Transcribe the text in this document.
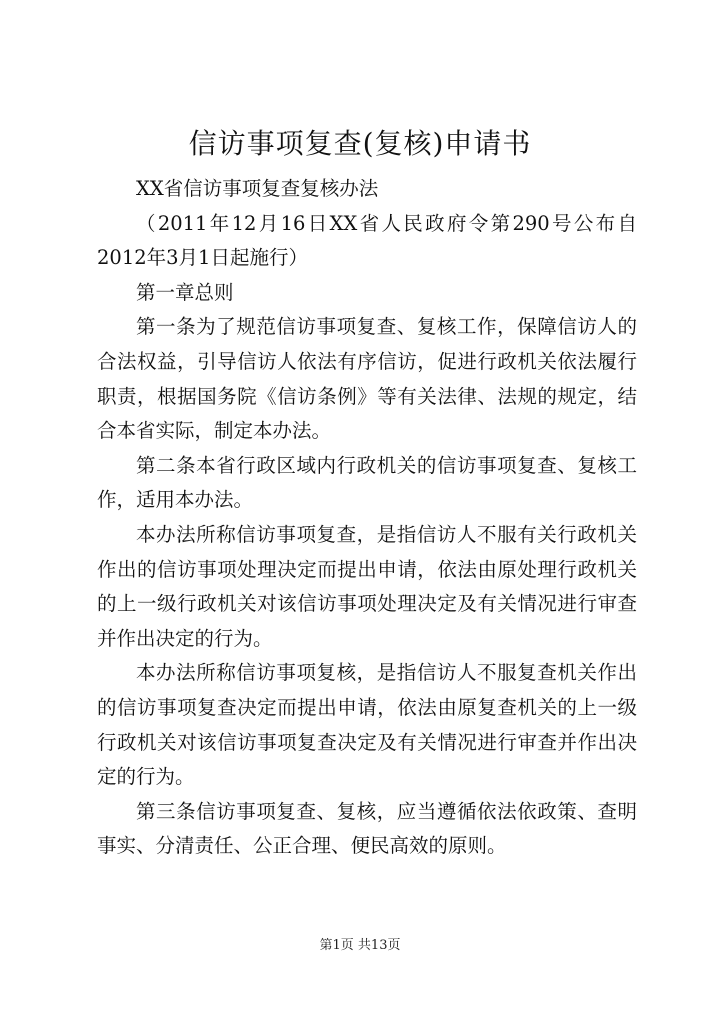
信访事项复查(复核)申请书

XX省信访事项复查复核办法

（2011年12月16日XX省人民政府令第290号公布自2012年3月1日起施行）

第一章总则

第一条为了规范信访事项复查、复核工作，保障信访人的合法权益，引导信访人依法有序信访，促进行政机关依法履行职责，根据国务院《信访条例》等有关法律、法规的规定，结合本省实际，制定本办法。

第二条本省行政区域内行政机关的信访事项复查、复核工作，适用本办法。

本办法所称信访事项复查，是指信访人不服有关行政机关作出的信访事项处理决定而提出申请，依法由原处理行政机关的上一级行政机关对该信访事项处理决定及有关情况进行审查并作出决定的行为。

本办法所称信访事项复核，是指信访人不服复查机关作出的信访事项复查决定而提出申请，依法由原复查机关的上一级行政机关对该信访事项复查决定及有关情况进行审查并作出决定的行为。

第三条信访事项复查、复核，应当遵循依法依政策、查明事实、分清责任、公正合理、便民高效的原则。

第1页 共13页
